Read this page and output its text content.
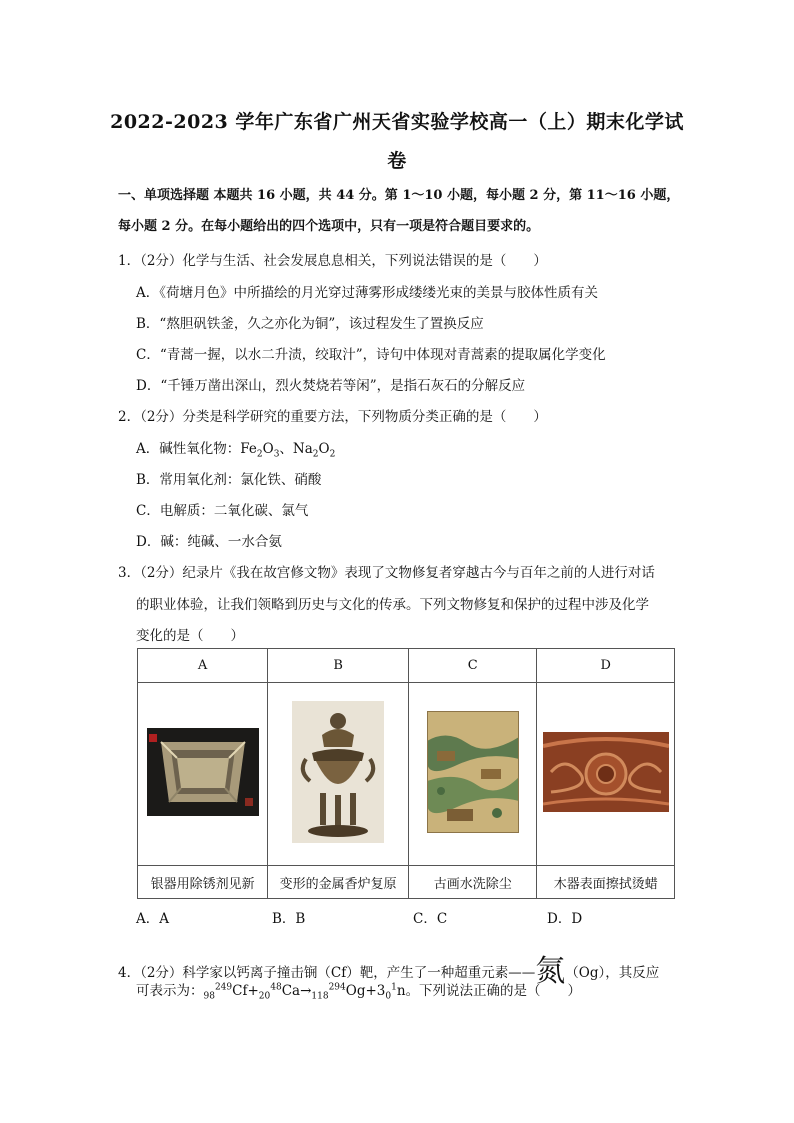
2022-2023 学年广东省广州天省实验学校高一（上）期末化学试
卷
一、单项选择题 本题共 16 小题，共 44 分。第 1～10 小题，每小题 2 分，第 11～16 小题，每小题 2 分。在每小题给出的四个选项中，只有一项是符合题目要求的。
1．（2分）化学与生活、社会发展息息相关，下列说法错误的是（　　）
A．《荷塘月色》中所描绘的月光穿过薄雾形成缕缕光束的美景与胶体性质有关
B．“熬胆矾铁釜，久之亦化为铜”，该过程发生了置换反应
C．“青蒿一握，以水二升渍，绞取汁”，诗句中体现对青蒿素的提取属化学变化
D．“千锤万凿出深山，烈火焚烧若等闲”，是指石灰石的分解反应
2．（2分）分类是科学研究的重要方法，下列物质分类正确的是（　　）
A．碱性氧化物：$Fe_2O_3$、$Na_2O_2$
B．常用氧化剂：氯化铁、硝酸
C．电解质：二氧化碳、氯气
D．碱：纯碱、一水合氨
3．（2分）纪录片《我在故宫修文物》表现了文物修复者穿越古今与百年之前的人进行对话
的职业体验，让我们领略到历史与文化的传承。下列文物修复和保护的过程中涉及化学
变化的是（　　）
A	B	C	D

银器用除锈剂见新	变形的金属香炉复原	古画水洗除尘	木器表面擦拭烫蜡
A．A	B．B	C．C	D．D
4．（2分）科学家以钙离子撞击锎（Cf）靶，产生了一种超重元素——氮（Og），其反应
可表示为：$_{98}^{249}Cf+_{20}^{48}Ca\to_{118}^{294}Og+3_0^1n$。下列说法正确的是（　　）
